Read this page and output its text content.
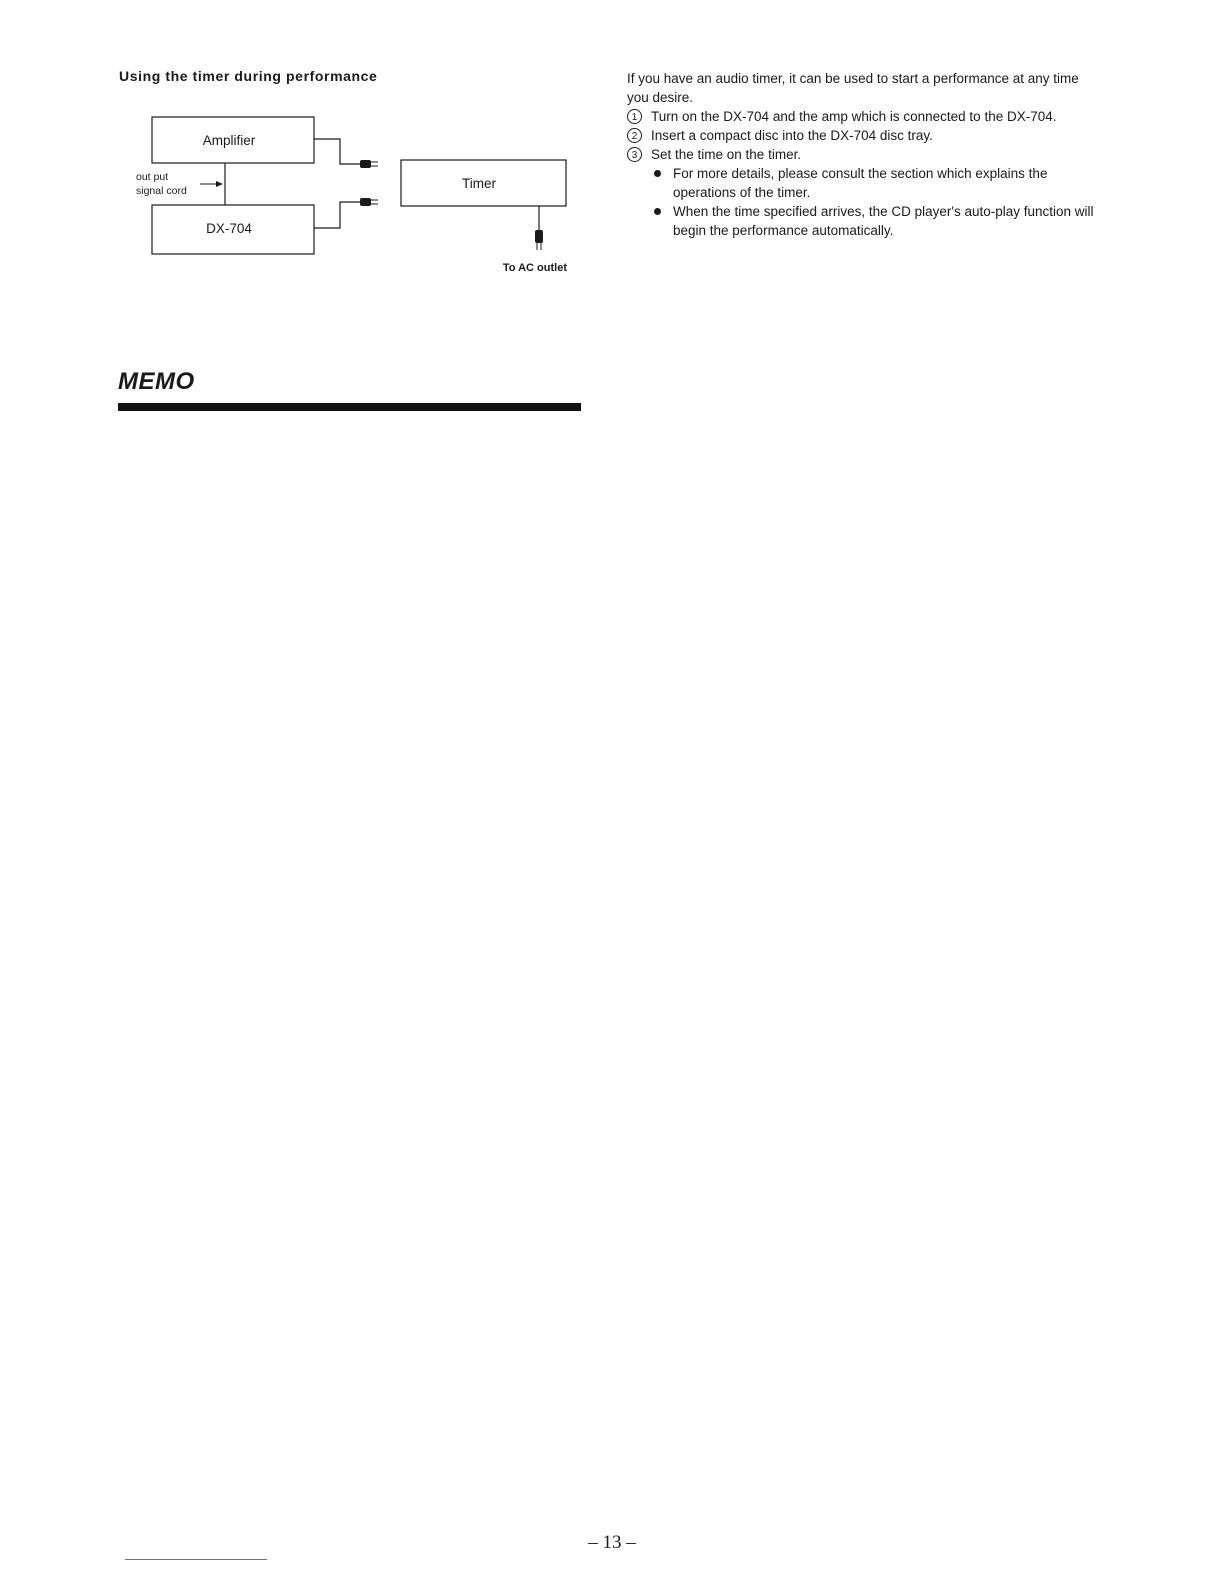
Using the timer during performance
Amplifier
DX-704
Timer
out put
signal cord
To AC outlet

If you have an audio timer, it can be used to start a performance at any time you desire.

1	Turn on the DX-704 and the amp which is connected to the DX-704.
2	Insert a compact disc into the DX-704 disc tray.
3	Set the time on the timer.
For more details, please consult the section which explains the operations of the timer.
When the time specified arrives, the CD player's auto-play function will begin the performance automatically.
MEMO
– 13 –
